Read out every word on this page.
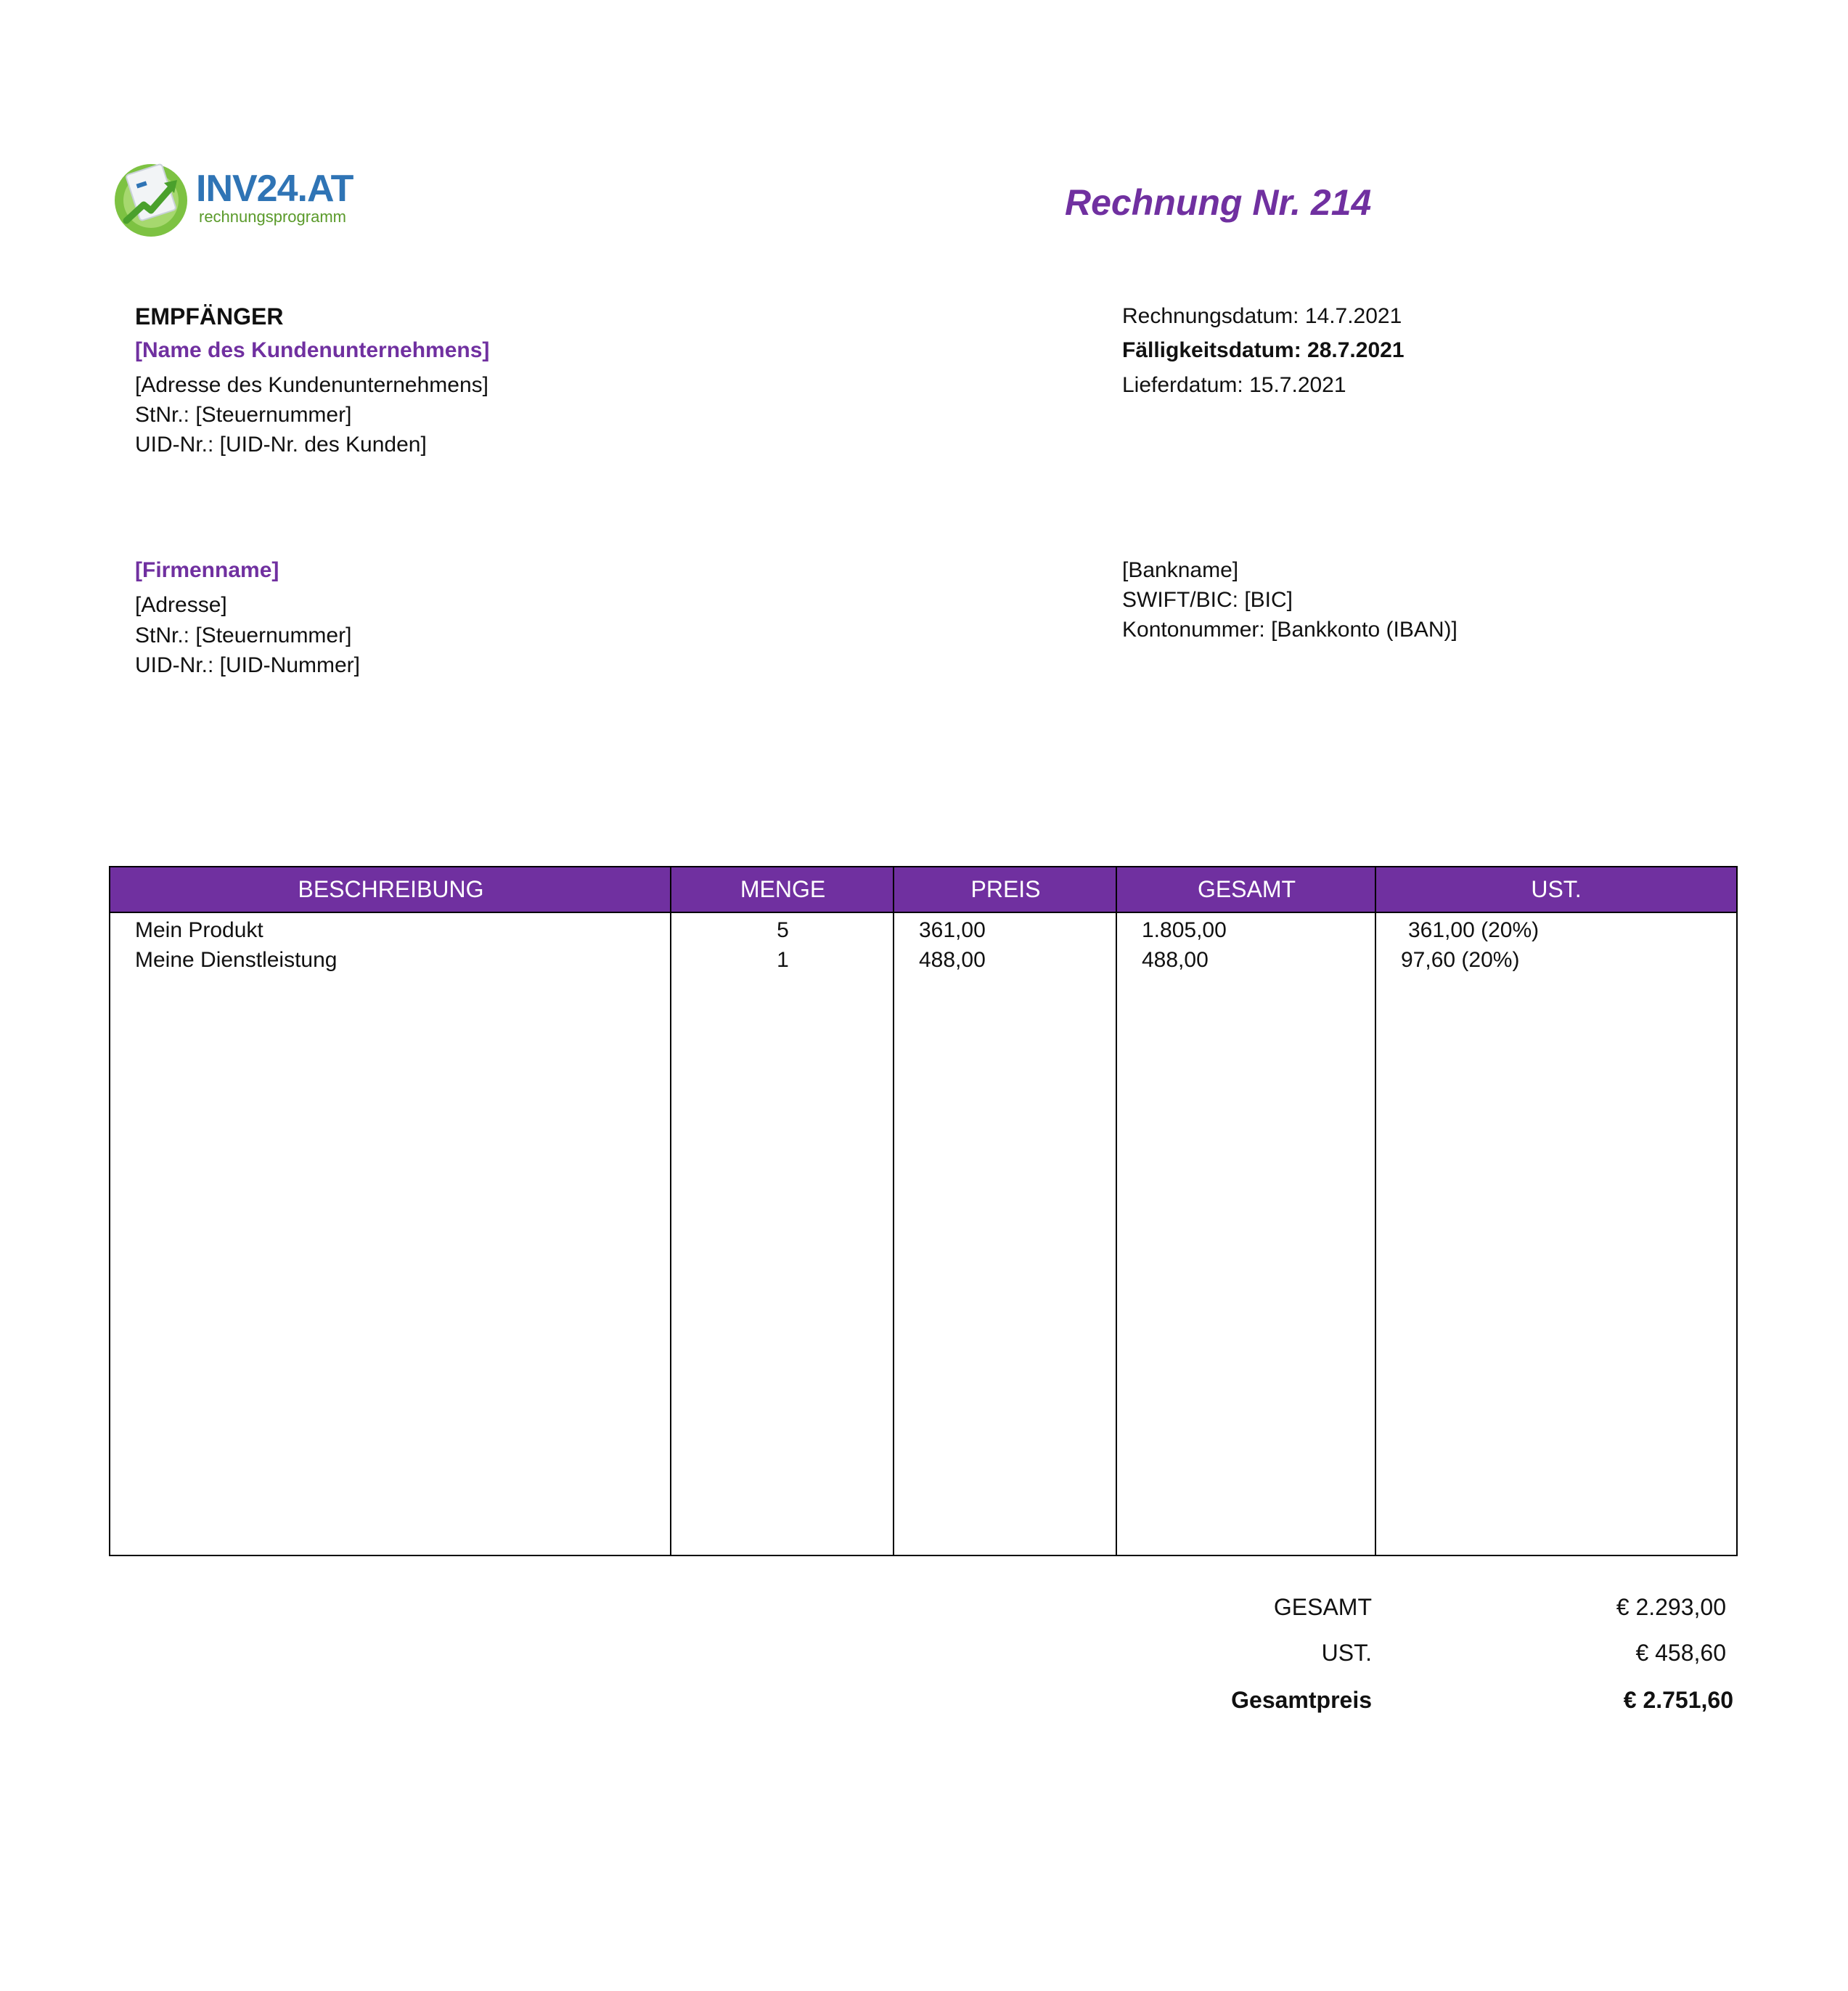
INV24.AT
rechnungsprogramm	Rechnung Nr. 214
EMPFÄNGER
[Name des Kundenunternehmens]
[Adresse des Kundenunternehmens]
StNr.: [Steuernummer]
UID-Nr.: [UID-Nr. des Kunden]
Rechnungsdatum: 14.7.2021
Fälligkeitsdatum: 28.7.2021
Lieferdatum: 15.7.2021
[Firmenname]
[Adresse]
StNr.: [Steuernummer]
UID-Nr.: [UID-Nummer]
[Bankname]
SWIFT/BIC: [BIC]
Kontonummer: [Bankkonto (IBAN)]
BESCHREIBUNG	MENGE	PREIS	GESAMT	UST.
Mein Produkt	5	361,00	1.805,00	361,00 (20%)
Meine Dienstleistung	1	488,00	488,00	97,60 (20%)
GESAMT	€ 2.293,00
UST.	€ 458,60
Gesamtpreis	€ 2.751,60
